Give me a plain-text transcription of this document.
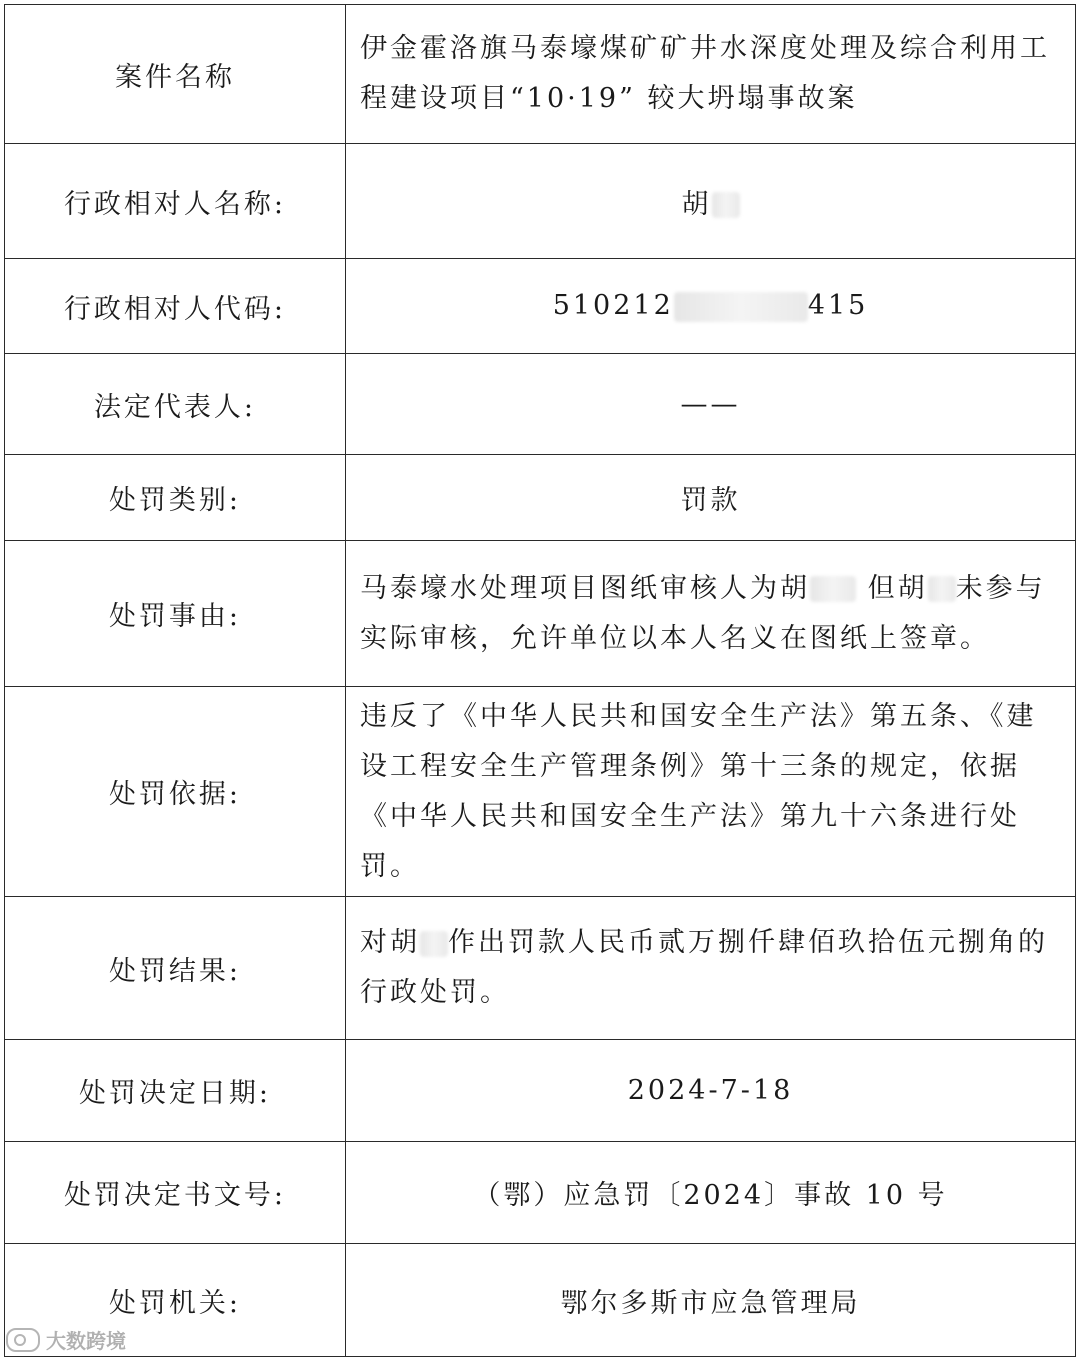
案件名称	伊金霍洛旗马泰壕煤矿矿井水深度处理及综合利用工程建设项目“10·19” 较大坍塌事故案
行政相对人名称:	胡
行政相对人代码:	510212 415
法定代表人:	——
处罚类别:	罚款
处罚事由:	马泰壕水处理项目图纸审核人为胡 但胡 未参与实际审核，允许单位以本人名义在图纸上签章。
处罚依据:	违反了《中华人民共和国安全生产法》第五条、《建设工程安全生产管理条例》第十三条的规定，依据《中华人民共和国安全生产法》第九十六条进行处罚。
处罚结果:	对胡 作出罚款人民币贰万捌仟肆佰玖拾伍元捌角的行政处罚。
处罚决定日期:	2024-7-18
处罚决定书文号:	（鄂）应急罚〔2024〕事故 10 号
处罚机关:	鄂尔多斯市应急管理局
大数跨境
